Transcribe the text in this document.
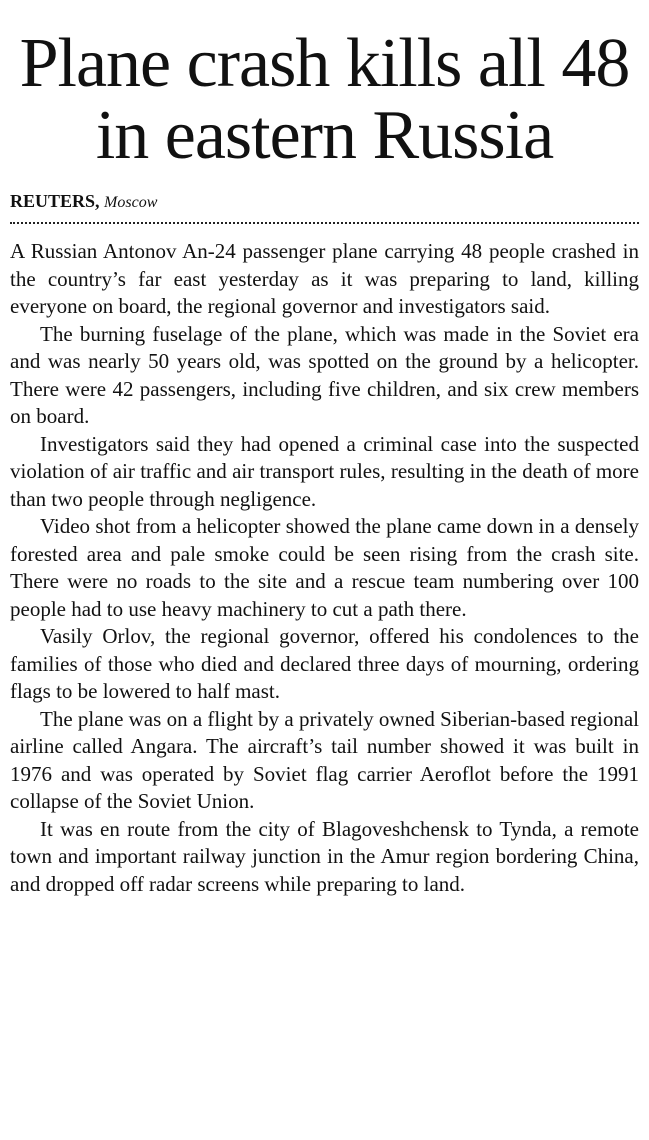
Plane crash kills all 48 in eastern Russia
REUTERS, Moscow

A Russian Antonov An-24 passenger plane carrying 48 people crashed in the country’s far east yesterday as it was preparing to land, killing everyone on board, the regional governor and investigators said.

The burning fuselage of the plane, which was made in the Soviet era and was nearly 50 years old, was spotted on the ground by a helicopter. There were 42 passengers, including five children, and six crew members on board.

Investigators said they had opened a criminal case into the suspected violation of air traffic and air transport rules, resulting in the death of more than two people through negligence.

Video shot from a helicopter showed the plane came down in a densely forested area and pale smoke could be seen rising from the crash site. There were no roads to the site and a rescue team numbering over 100 people had to use heavy machinery to cut a path there.

Vasily Orlov, the regional governor, offered his condolences to the families of those who died and declared three days of mourning, ordering flags to be lowered to half mast.

The plane was on a flight by a privately owned Siberian-based regional airline called Angara. The aircraft’s tail number showed it was built in 1976 and was operated by Soviet flag carrier Aeroflot before the 1991 collapse of the Soviet Union.

It was en route from the city of Blagoveshchensk to Tynda, a remote town and important railway junction in the Amur region bordering China, and dropped off radar screens while preparing to land.
